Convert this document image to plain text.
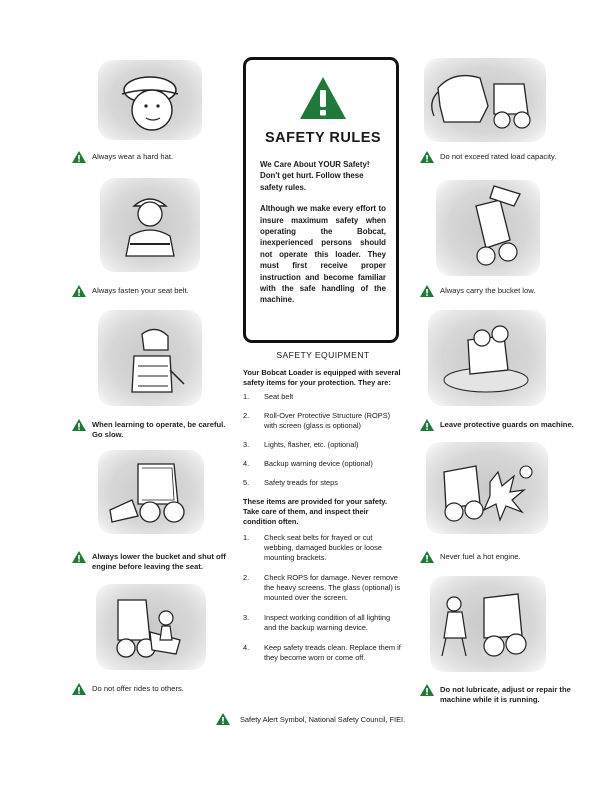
Always wear a hard hat.
Always fasten your seat belt.
When learning to operate, be careful. Go slow.
Always lower the bucket and shut off engine before leaving the seat.
Do not offer rides to others.
SAFETY RULES

We Care About YOUR Safety! Don't get hurt. Follow these safety rules.

Although we make every effort to insure maximum safety when operating the Bobcat, inexperienced persons should not operate this loader. They must first receive proper instruction and become familiar with the safe handling of the machine.

SAFETY EQUIPMENT
Your Bobcat Loader is equipped with several safety items for your protection. They are:
1.	Seat belt
2.	Roll-Over Protective Structure (ROPS) with screen (glass is optional)
3.	Lights, flasher, etc. (optional)
4.	Backup warning device (optional)
5.	Safety treads for steps
These items are provided for your safety. Take care of them, and inspect their condition often.
1.	Check seat belts for frayed or cut webbing, damaged buckles or loose mounting brackets.
2.	Check ROPS for damage. Never remove the heavy screens. The glass (optional) is mounted over the screen.
3.	Inspect working condition of all lighting and the backup warning device.
4.	Keep safety treads clean. Replace them if they become worn or come off.
Do not exceed rated load capacity.
Always carry the bucket low.
Leave protective guards on machine.
Never fuel a hot engine.
Do not lubricate, adjust or repair the machine while it is running.
Safety Alert Symbol, National Safety Council, FIEI.
